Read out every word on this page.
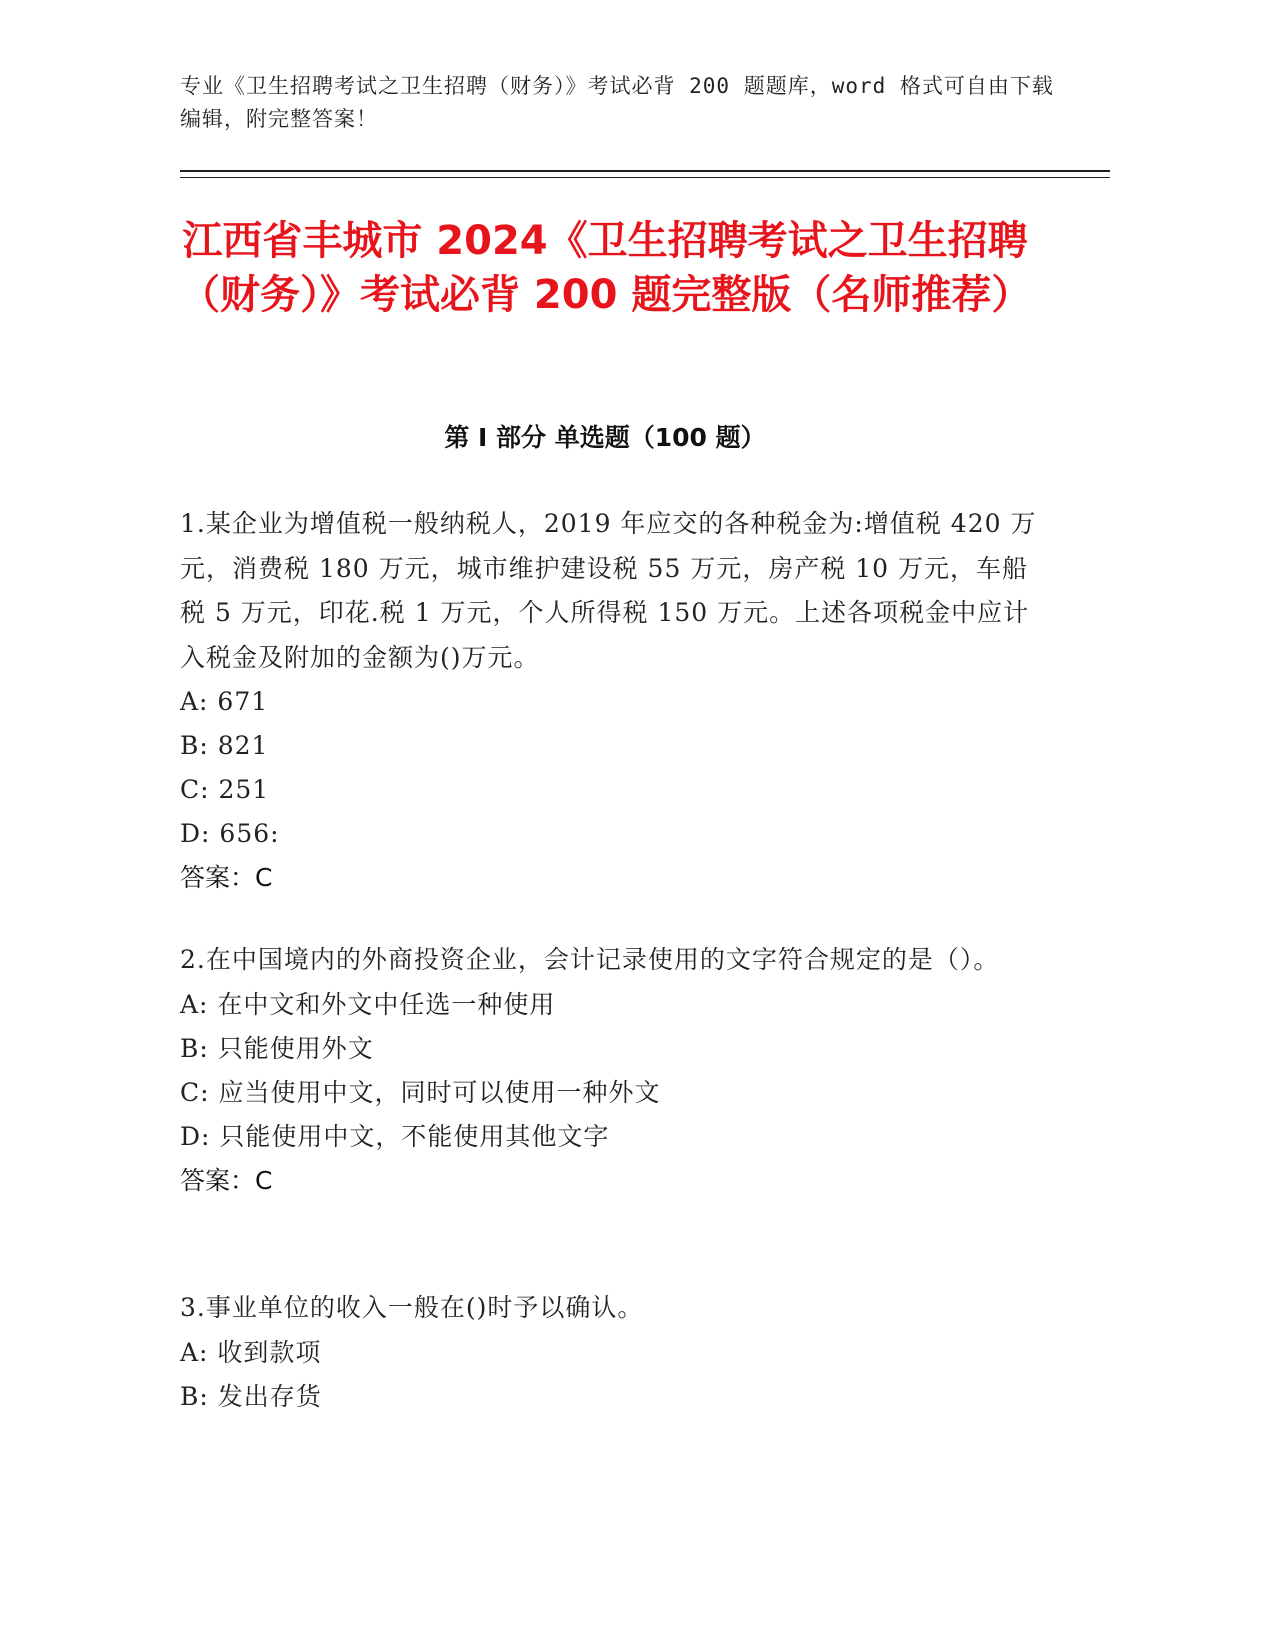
专业《卫生招聘考试之卫生招聘（财务）》考试必背 200 题题库，word 格式可自由下载编辑，附完整答案！
江西省丰城市 2024《卫生招聘考试之卫生招聘（财务）》考试必背 200 题完整版（名师推荐）
第 I 部分 单选题（100 题）
1.某企业为增值税一般纳税人，2019 年应交的各种税金为:增值税 420 万元，消费税 180 万元，城市维护建设税 55 万元，房产税 10 万元，车船税 5 万元，印花.税 1 万元，个人所得税 150 万元。上述各项税金中应计入税金及附加的金额为()万元。
A: 671
B: 821
C: 251
D: 656:
答案：C
2.在中国境内的外商投资企业，会计记录使用的文字符合规定的是（）。
A: 在中文和外文中任选一种使用
B: 只能使用外文
C: 应当使用中文，同时可以使用一种外文
D: 只能使用中文，不能使用其他文字
答案：C
3.事业单位的收入一般在()时予以确认。
A: 收到款项
B: 发出存货
